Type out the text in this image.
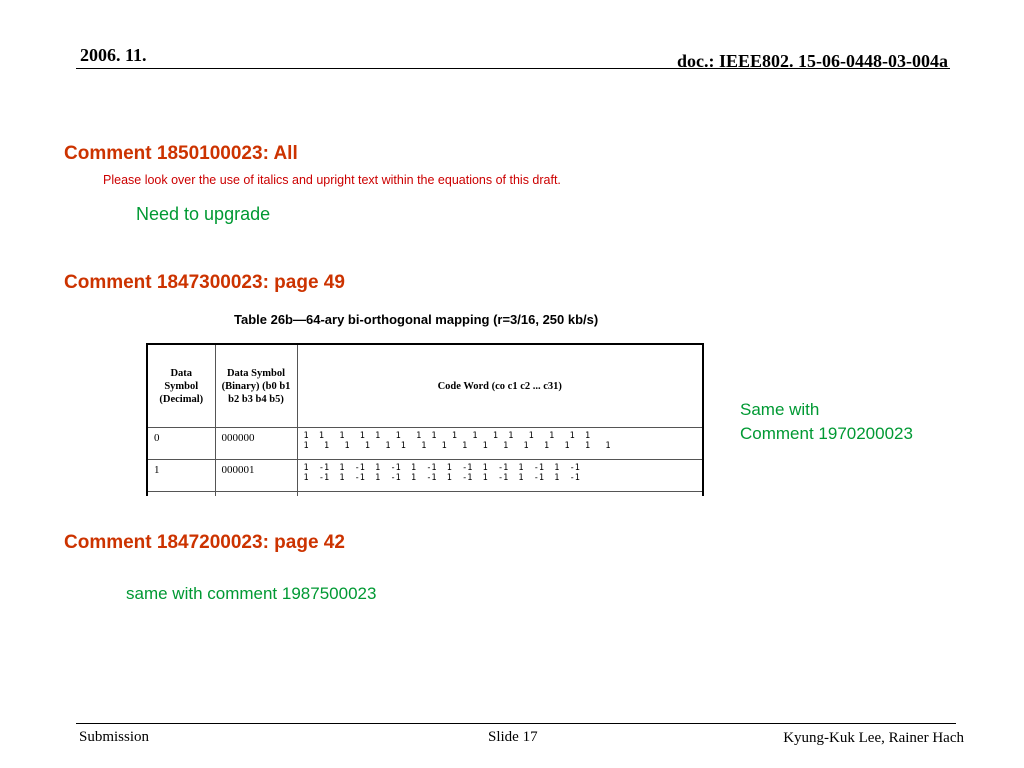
2006. 11.	doc.: IEEE802. 15-06-0448-03-004a
Comment 1850100023: All
Please look over the use of italics and upright text within the equations of this draft.
Need to upgrade
Comment 1847300023: page 49
Table 26b—64-ary bi-orthogonal mapping (r=3/16, 250 kb/s)
Data Symbol (Decimal)	Data Symbol (Binary) (b0 b1 b2 b3 b4 b5)	Code Word (co c1 c2 ... c31)
0	000000	1  1   1   1  1   1   1  1   1   1   1  1   1   1   1  1
1   1   1   1   1  1   1   1   1   1   1   1   1   1   1   1

1	000001	1  -1  1  -1  1  -1  1  -1  1  -1  1  -1  1  -1  1  -1
1  -1  1  -1  1  -1  1  -1  1  -1  1  -1  1  -1  1  -1

Same with
Comment 1970200023
Comment 1847200023: page 42
same with comment 1987500023
Submission	Slide 17	Kyung-Kuk Lee, Rainer Hach
